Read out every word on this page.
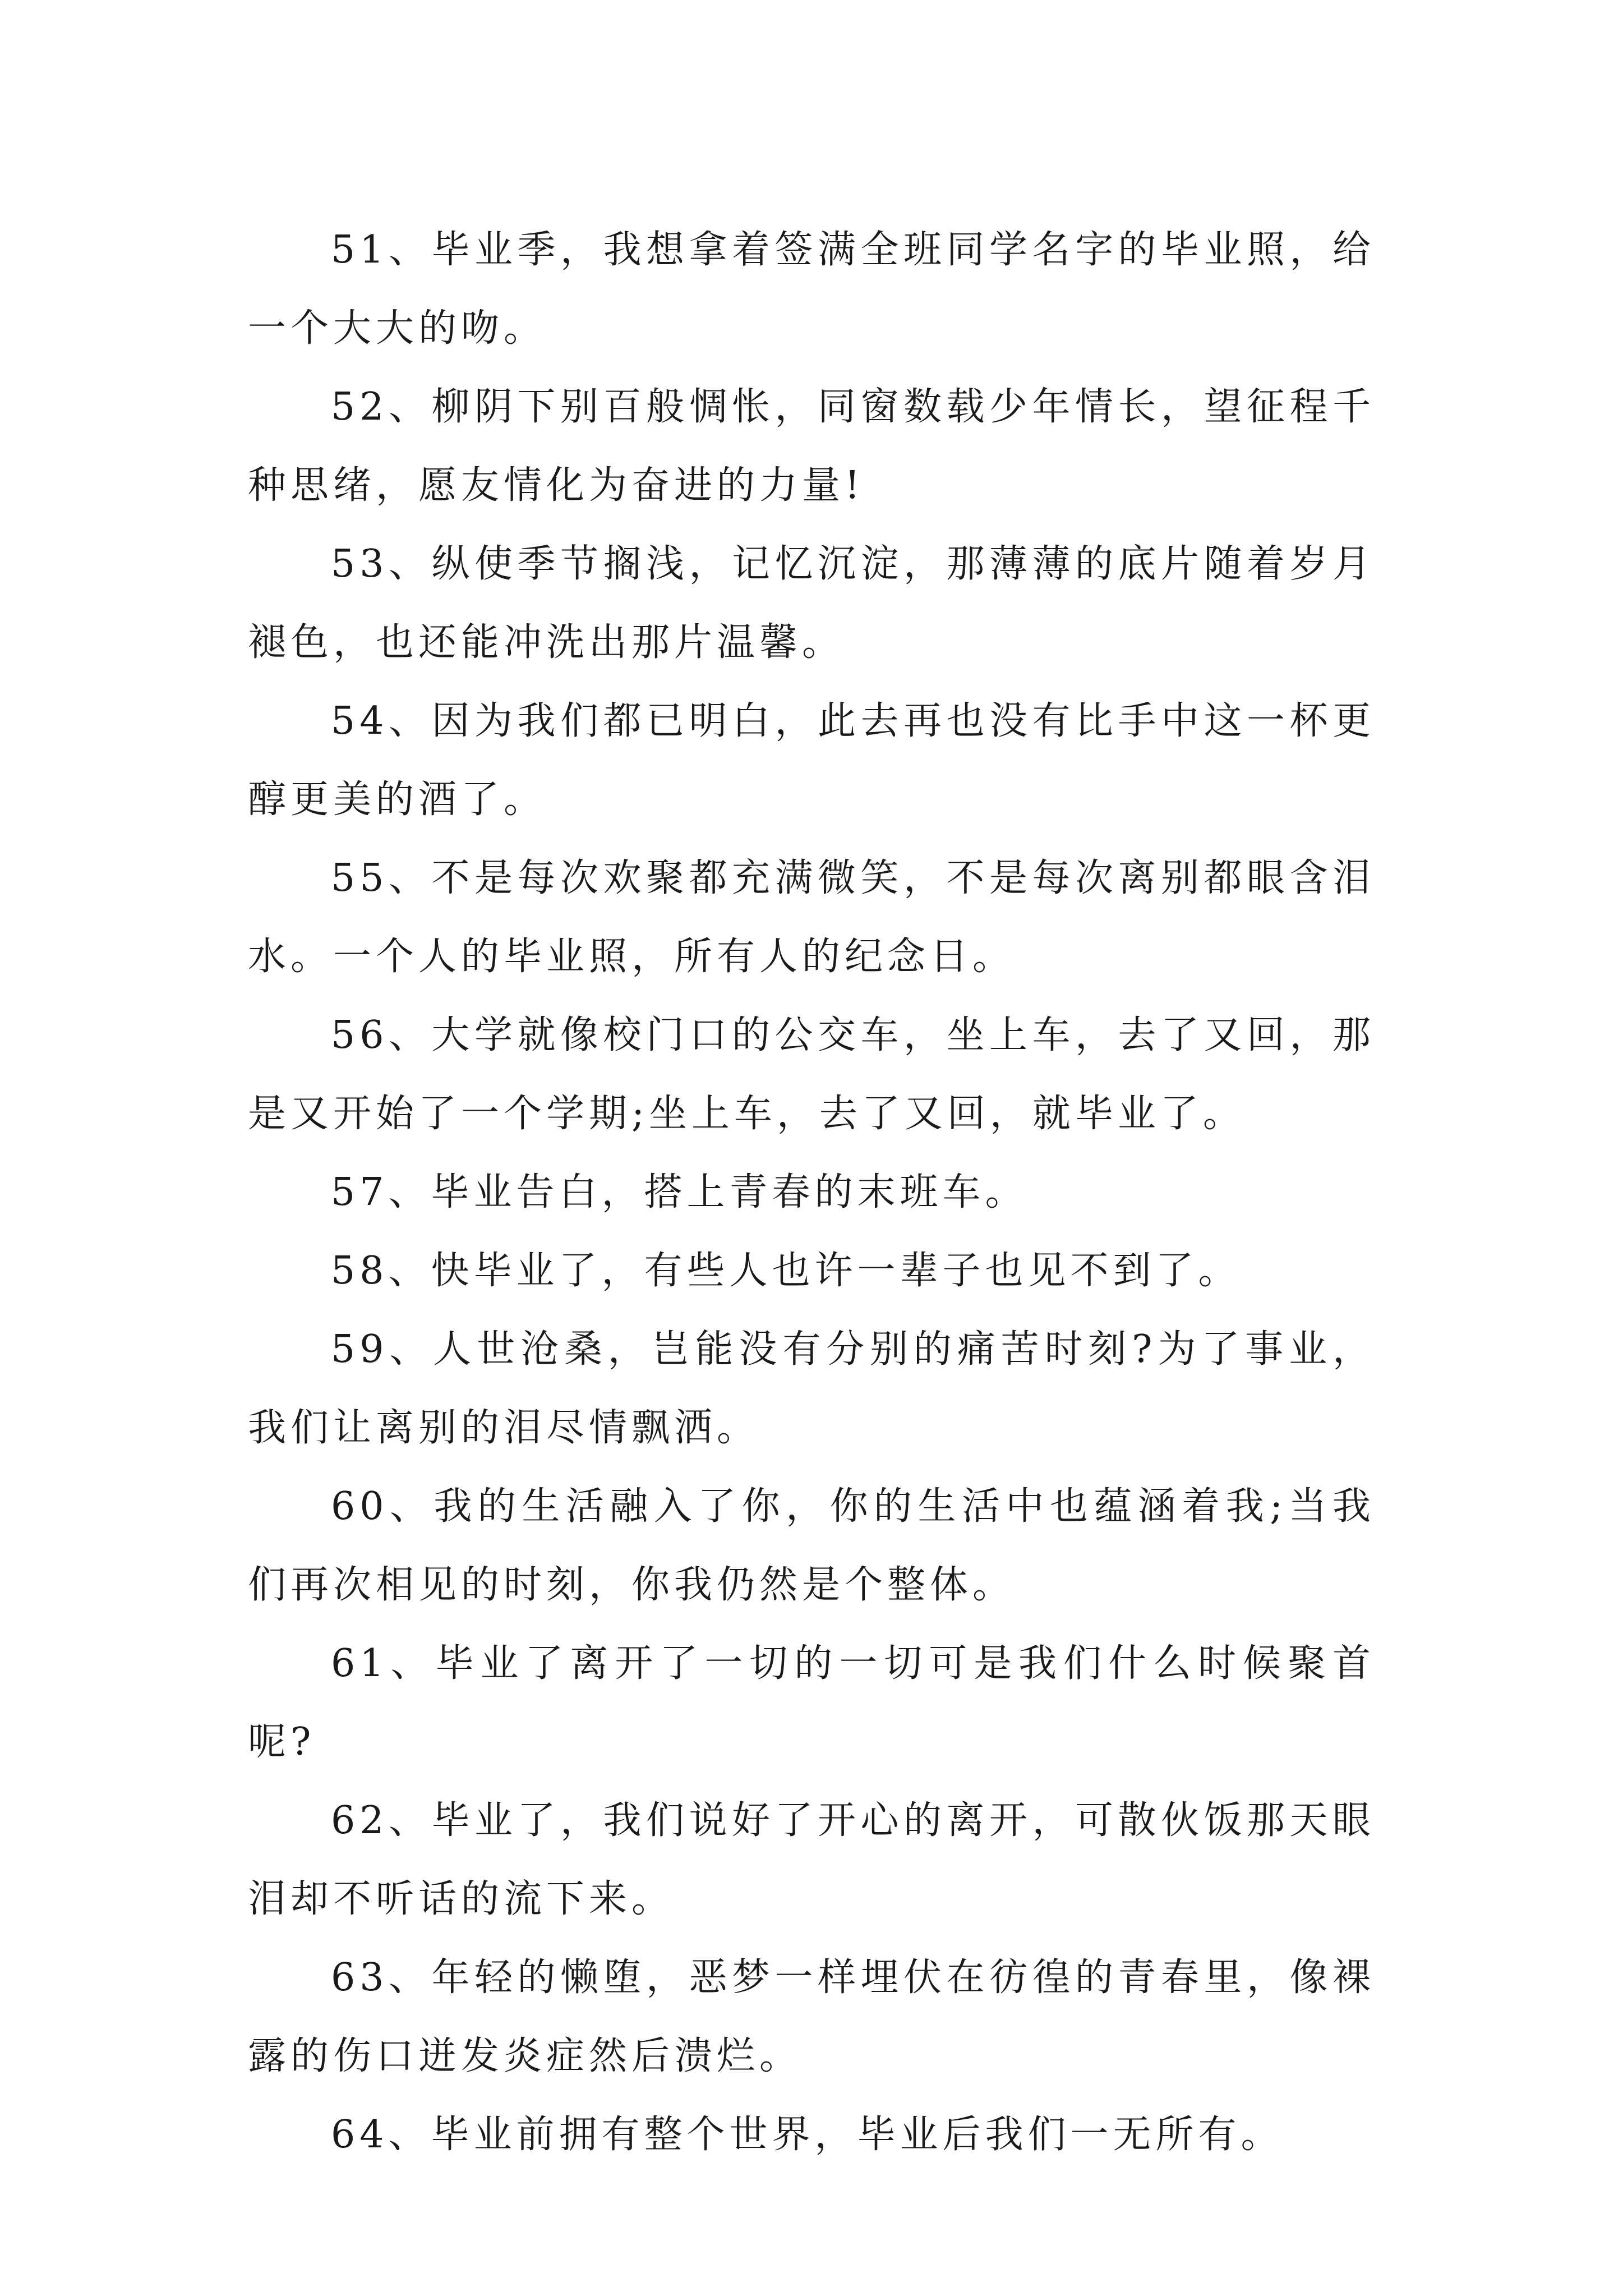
51、毕业季，我想拿着签满全班同学名字的毕业照，给一个大大的吻。

52、柳阴下别百般惆怅，同窗数载少年情长，望征程千种思绪，愿友情化为奋进的力量!

53、纵使季节搁浅，记忆沉淀，那薄薄的底片随着岁月褪色，也还能冲洗出那片温馨。

54、因为我们都已明白，此去再也没有比手中这一杯更醇更美的酒了。

55、不是每次欢聚都充满微笑，不是每次离别都眼含泪水。一个人的毕业照，所有人的纪念日。

56、大学就像校门口的公交车，坐上车，去了又回，那是又开始了一个学期;坐上车，去了又回，就毕业了。

57、毕业告白，搭上青春的末班车。

58、快毕业了，有些人也许一辈子也见不到了。

59、人世沧桑，岂能没有分别的痛苦时刻?为了事业，我们让离别的泪尽情飘洒。

60、我的生活融入了你，你的生活中也蕴涵着我;当我们再次相见的时刻，你我仍然是个整体。

61、毕业了离开了一切的一切可是我们什么时候聚首呢?

62、毕业了，我们说好了开心的离开，可散伙饭那天眼泪却不听话的流下来。

63、年轻的懒堕，恶梦一样埋伏在彷徨的青春里，像裸露的伤口迸发炎症然后溃烂。

64、毕业前拥有整个世界，毕业后我们一无所有。
